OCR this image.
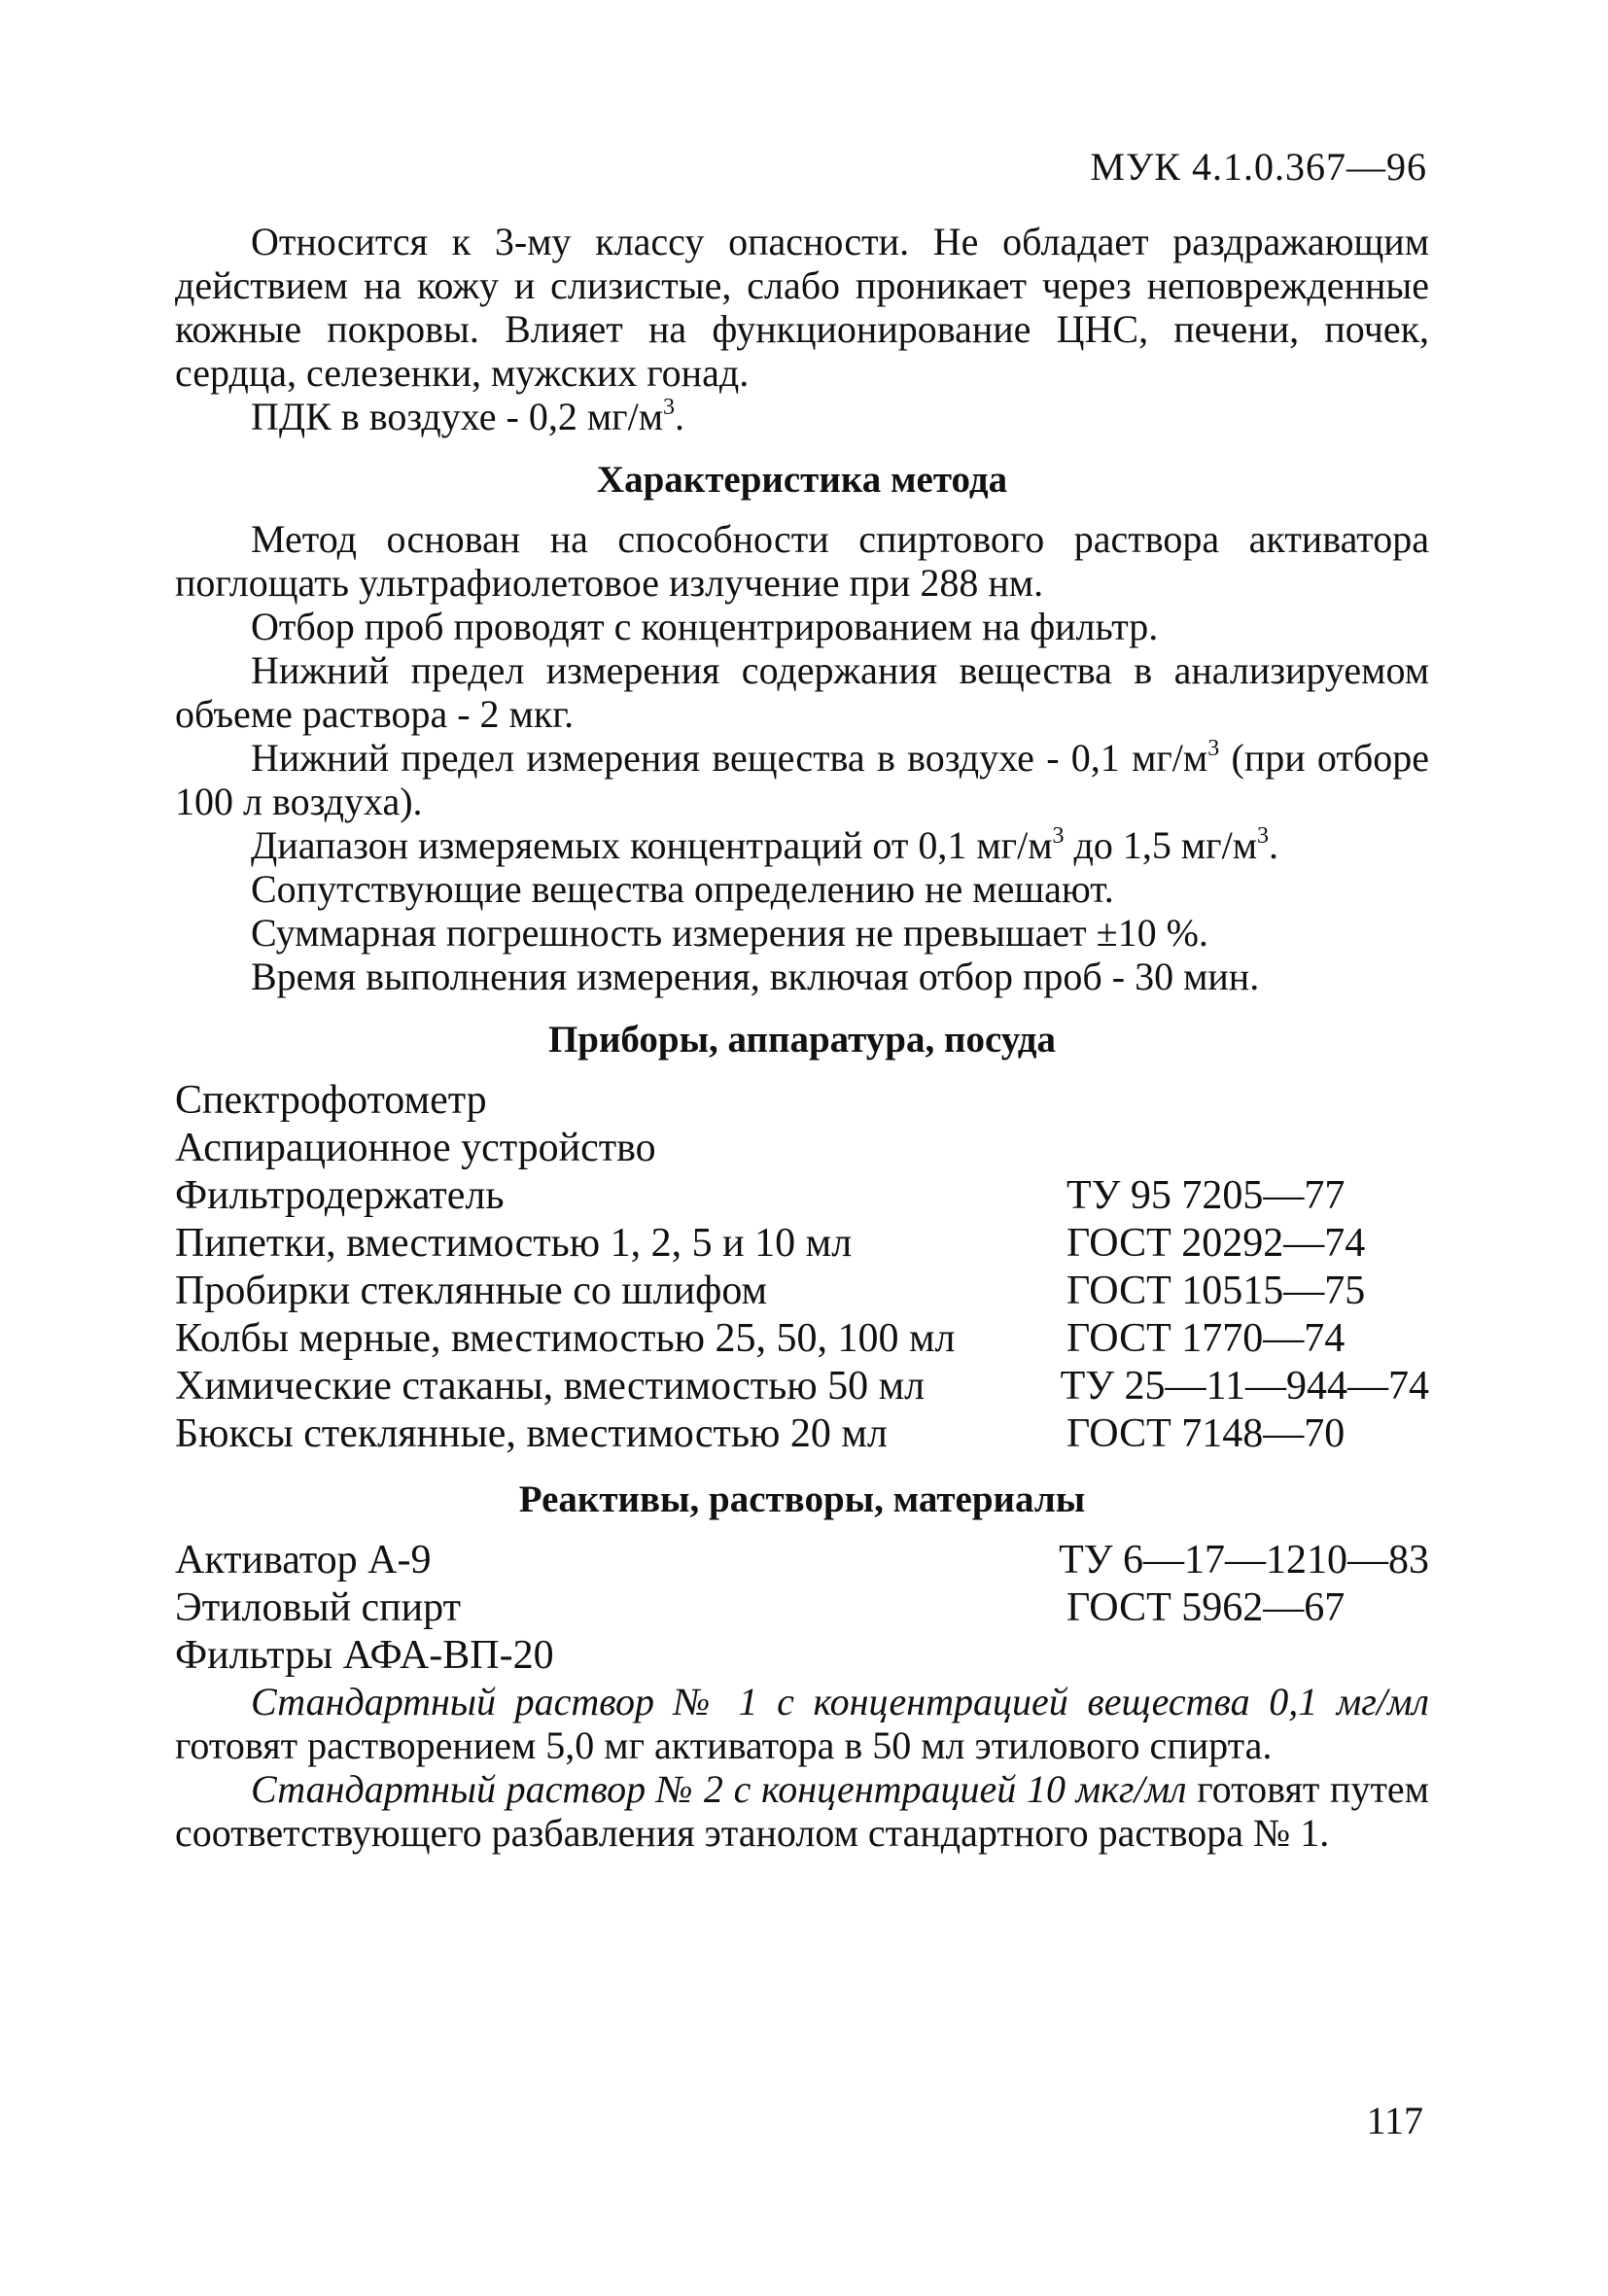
МУК 4.1.0.367—96

Относится к 3-му классу опасности. Не обладает раздражающим действием на кожу и слизистые, слабо проникает через неповрежденные кожные покровы. Влияет на функционирование ЦНС, печени, почек, сердца, селезенки, мужских гонад.

ПДК в воздухе - 0,2 $мг/м^3$.

Характеристика метода

Метод основан на способности спиртового раствора активатора поглощать ультрафиолетовое излучение при 288 нм.

Отбор проб проводят с концентрированием на фильтр.

Нижний предел измерения содержания вещества в анализируемом объеме раствора - 2 мкг.

Нижний предел измерения вещества в воздухе - 0,1 $мг/м^3$ (при отборе 100 л воздуха).

Диапазон измеряемых концентраций от 0,1 $мг/м^3$ до 1,5 $мг/м^3$.

Сопутствующие вещества определению не мешают.

Суммарная погрешность измерения не превышает ±10 %.

Время выполнения измерения, включая отбор проб - 30 мин.

Приборы, аппаратура, посуда
Спектрофотометр
Аспирационное устройство
Фильтродержатель	ТУ 95 7205—77
Пипетки, вместимостью 1, 2, 5 и 10 мл	ГОСТ 20292—74
Пробирки стеклянные со шлифом	ГОСТ 10515—75
Колбы мерные, вместимостью 25, 50, 100 мл	ГОСТ 1770—74
Химические стаканы, вместимостью 50 мл	ТУ 25—11—944—74
Бюксы стеклянные, вместимостью 20 мл	ГОСТ 7148—70
Реактивы, растворы, материалы
Активатор А-9	ТУ 6—17—1210—83
Этиловый спирт	ГОСТ 5962—67
Фильтры АФА-ВП-20

Стандартный раствор № 1 с концентрацией вещества 0,1 мг/мл готовят растворением 5,0 мг активатора в 50 мл этилового спирта.

Стандартный раствор № 2 с концентрацией 10 мкг/мл готовят путем соответствующего разбавления этанолом стандартного раствора № 1.

117
